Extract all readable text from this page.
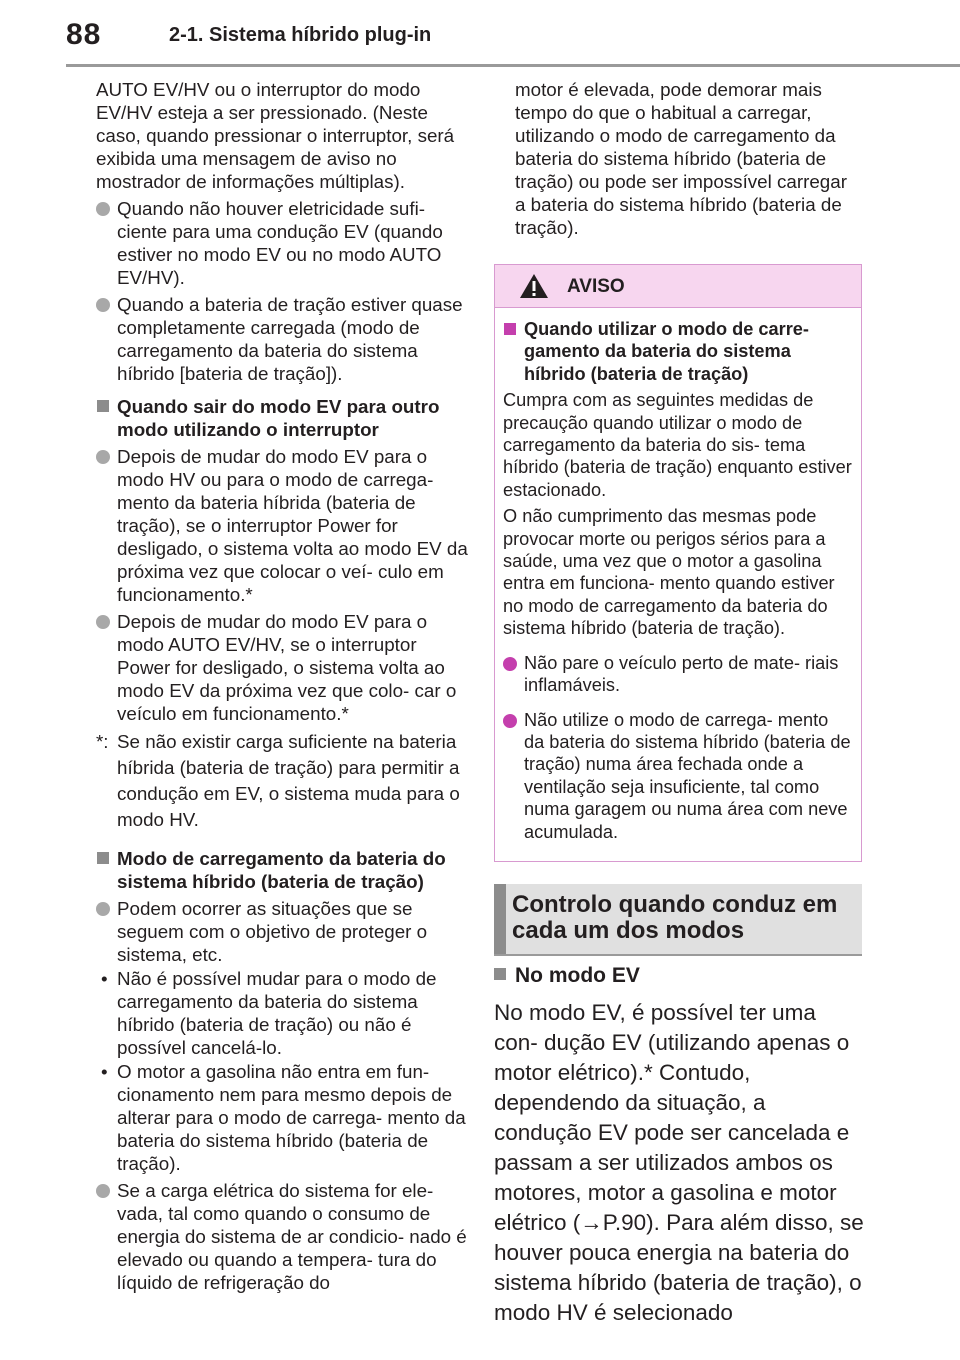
88	2-1. Sistema híbrido plug-in

AUTO EV/HV ou o interruptor do modo EV/HV esteja a ser pressionado. (Neste caso, quando pressionar o interruptor, será exibida uma mensagem de aviso no mostrador de informações múltiplas).

Quando não houver eletricidade sufi- ciente para uma condução EV (quando estiver no modo EV ou no modo AUTO EV/HV).
Quando a bateria de tração estiver quase completamente carregada (modo de carregamento da bateria do sistema híbrido [bateria de tração]).
Quando sair do modo EV para outro modo utilizando o interruptor
Depois de mudar do modo EV para o modo HV ou para o modo de carrega- mento da bateria híbrida (bateria de tração), se o interruptor Power for desligado, o sistema volta ao modo EV da próxima vez que colocar o veí- culo em funcionamento.*
Depois de mudar do modo EV para o modo AUTO EV/HV, se o interruptor Power for desligado, o sistema volta ao modo EV da próxima vez que colo- car o veículo em funcionamento.*
*: Se não existir carga suficiente na bateria híbrida (bateria de tração) para permitir a condução em EV, o sistema muda para o modo HV.
Modo de carregamento da bateria do sistema híbrido (bateria de tração)
Podem ocorrer as situações que se seguem com o objetivo de proteger o sistema, etc.
• Não é possível mudar para o modo de carregamento da bateria do sistema híbrido (bateria de tração) ou não é possível cancelá-lo.
• O motor a gasolina não entra em fun- cionamento nem para mesmo depois de alterar para o modo de carrega- mento da bateria do sistema híbrido (bateria de tração).
Se a carga elétrica do sistema for ele- vada, tal como quando o consumo de energia do sistema de ar condicio- nado é elevado ou quando a tempera- tura do líquido de refrigeração do

motor é elevada, pode demorar mais tempo do que o habitual a carregar, utilizando o modo de carregamento da bateria do sistema híbrido (bateria de tração) ou pode ser impossível carregar a bateria do sistema híbrido (bateria de tração).

AVISO
Quando utilizar o modo de carre- gamento da bateria do sistema híbrido (bateria de tração)

Cumpra com as seguintes medidas de precaução quando utilizar o modo de carregamento da bateria do sis- tema híbrido (bateria de tração) enquanto estiver estacionado.

O não cumprimento das mesmas pode provocar morte ou perigos sérios para a saúde, uma vez que o motor a gasolina entra em funciona- mento quando estiver no modo de carregamento da bateria do sistema híbrido (bateria de tração).

Não pare o veículo perto de mate- riais inflamáveis.
Não utilize o modo de carrega- mento da bateria do sistema híbrido (bateria de tração) numa área fechada onde a ventilação seja insuficiente, tal como numa garagem ou numa área com neve acumulada.
Controlo quando conduz em cada um dos modos
No modo EV
No modo EV, é possível ter uma con- dução EV (utilizando apenas o motor elétrico).* Contudo, dependendo da situação, a condução EV pode ser cancelada e passam a ser utilizados ambos os motores, motor a gasolina e motor elétrico (→P.90). Para além disso, se houver pouca energia na bateria do sistema híbrido (bateria de tração), o modo HV é selecionado
